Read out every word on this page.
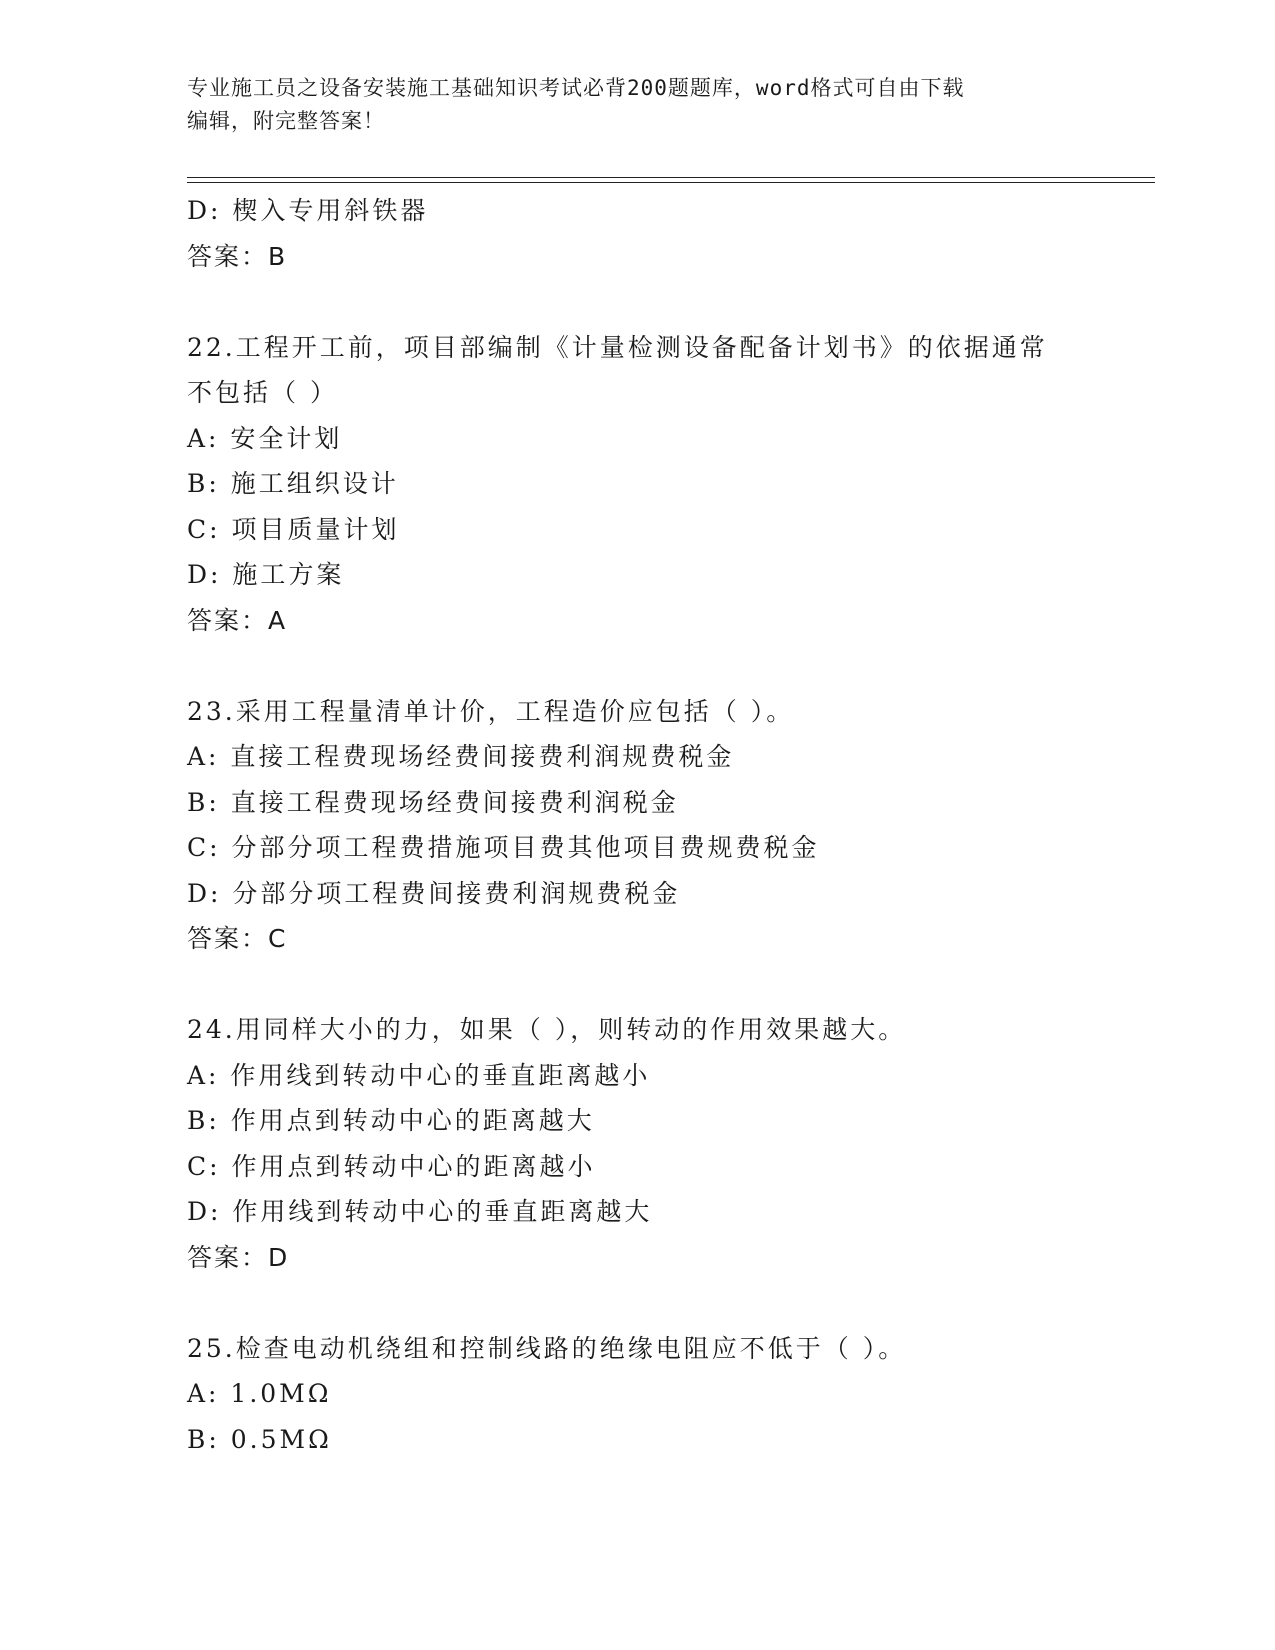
专业施工员之设备安装施工基础知识考试必背200题题库，word格式可自由下载
编辑，附完整答案！
D: 楔入专用斜铁器
答案：B
22.工程开工前，项目部编制《计量检测设备配备计划书》的依据通常
不包括（ ）
A: 安全计划
B: 施工组织设计
C: 项目质量计划
D: 施工方案
答案：A
23.采用工程量清单计价，工程造价应包括（ ）。
A: 直接工程费现场经费间接费利润规费税金
B: 直接工程费现场经费间接费利润税金
C: 分部分项工程费措施项目费其他项目费规费税金
D: 分部分项工程费间接费利润规费税金
答案：C
24.用同样大小的力，如果（ ），则转动的作用效果越大。
A: 作用线到转动中心的垂直距离越小
B: 作用点到转动中心的距离越大
C: 作用点到转动中心的距离越小
D: 作用线到转动中心的垂直距离越大
答案：D
25.检查电动机绕组和控制线路的绝缘电阻应不低于（ ）。
A: 1.0MΩ
B: 0.5MΩ
